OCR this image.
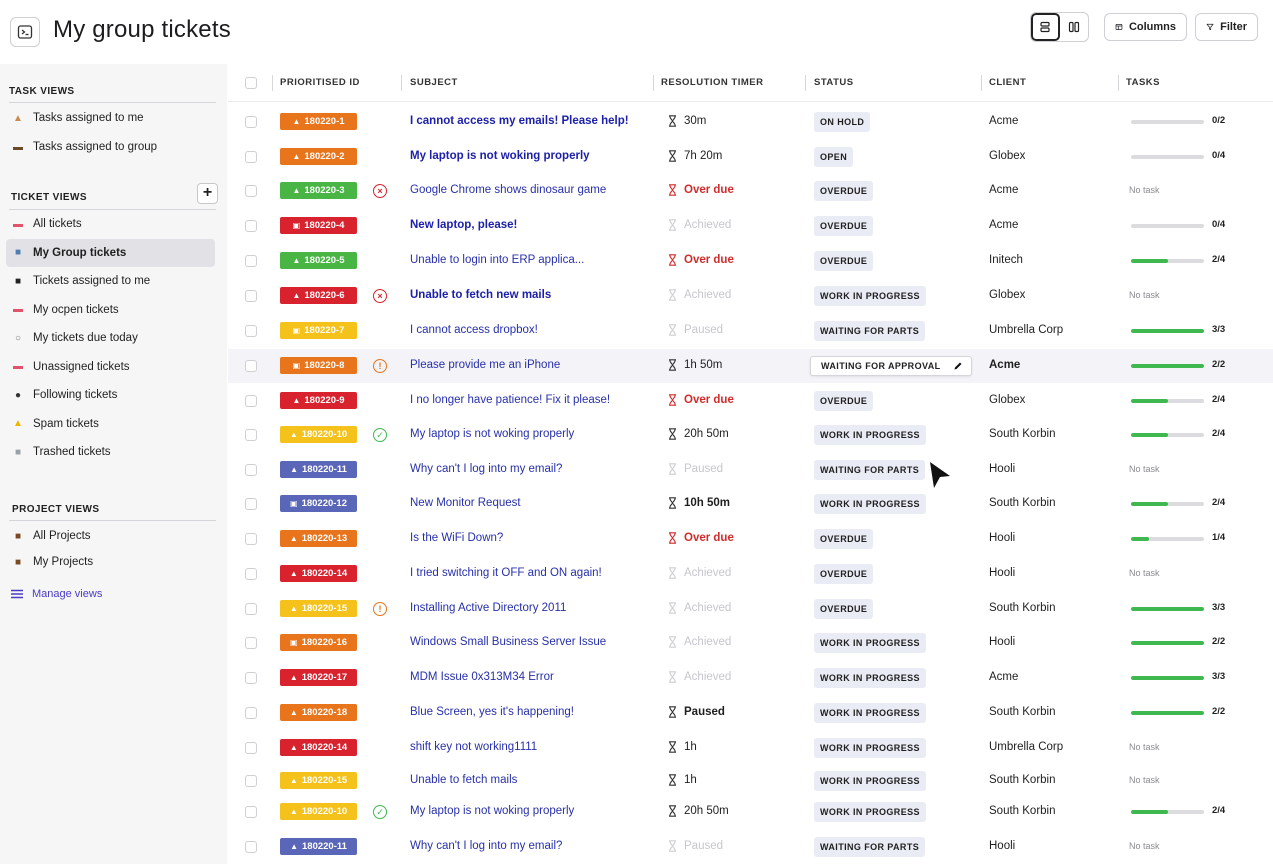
My group tickets	Columns	Filter
TASK VIEWS
▲ Tasks assigned to me
▬ Tasks assigned to group
TICKET VIEWS	+
▬ All tickets
■	My Group tickets
■	Tickets assigned to me
▬ My ocpen tickets
○	My tickets due today
▬ Unassigned tickets
●	Following tickets
▲ Spam tickets
■	Trashed tickets
PROJECT VIEWS
■	All Projects
■	My Projects
Manage views
PRIORITISED ID	SUBJECT	RESOLUTION TIMER	STATUS	CLIENT	TASKS
▲ 180220-1	I cannot access my emails! Please help!	30m	ON HOLD	Acme	0/2
▲ 180220-2	My laptop is not woking properly	7h 20m	OPEN	Globex	0/4
▲ 180220-3	×	Google Chrome shows dinosaur game	Over due	OVERDUE	Acme	No task
▣ 180220-4	New laptop, please!	Achieved	OVERDUE	Acme	0/4
▲ 180220-5	Unable to login into ERP applica...	Over due	OVERDUE	Initech	2/4
▲ 180220-6	×	Unable to fetch new mails	Achieved	WORK IN PROGRESS	Globex	No task
▣ 180220-7	I cannot access dropbox!	Paused	WAITING FOR PARTS	Umbrella Corp	3/3
▣ 180220-8	!	Please provide me an iPhone	1h 50m	WAITING FOR APPROVAL	Acme	2/2
▲ 180220-9	I no longer have patience! Fix it please!	Over due	OVERDUE	Globex	2/4
▲ 180220-10	✓ My laptop is not woking properly	20h 50m	WORK IN PROGRESS	South Korbin	2/4
▲ 180220-11	Why can't I log into my email?	Paused	WAITING FOR PARTS	Hooli	No task
▣ 180220-12	New Monitor Request	10h 50m	WORK IN PROGRESS	South Korbin	2/4
▲ 180220-13	Is the WiFi Down?	Over due	OVERDUE	Hooli	1/4
▲ 180220-14	I tried switching it OFF and ON again!	Achieved	OVERDUE	Hooli	No task
▲ 180220-15	!	Installing Active Directory 2011	Achieved	OVERDUE	South Korbin	3/3
▣ 180220-16	Windows Small Business Server Issue	Achieved	WORK IN PROGRESS	Hooli	2/2
▲ 180220-17	MDM Issue 0x313M34 Error	Achieved	WORK IN PROGRESS	Acme	3/3
▲ 180220-18	Blue Screen, yes it's happening!	Paused	WORK IN PROGRESS	South Korbin	2/2
▲ 180220-14	shift key not working1111	1h	WORK IN PROGRESS	Umbrella Corp	No task
▲ 180220-15	Unable to fetch mails	1h	WORK IN PROGRESS	South Korbin	No task
▲ 180220-10	✓ My laptop is not woking properly	20h 50m	WORK IN PROGRESS	South Korbin	2/4
▲ 180220-11	Why can't I log into my email?	Paused	WAITING FOR PARTS	Hooli	No task
